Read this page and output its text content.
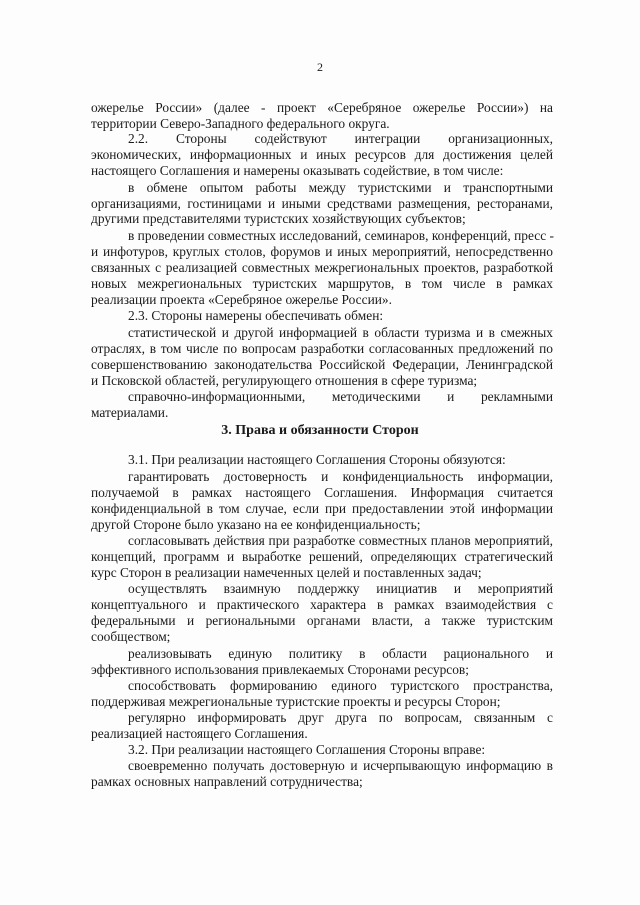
2
ожерелье России» (далее - проект «Серебряное ожерелье России») на
территории Северо-Западного федерального округа.
2.2. Стороны содействуют интеграции организационных,
экономических, информационных и иных ресурсов для достижения целей
настоящего Соглашения и намерены оказывать содействие, в том числе:
в обмене опытом работы между туристскими и транспортными
организациями, гостиницами и иными средствами размещения, ресторанами,
другими представителями туристских хозяйствующих субъектов;
в проведении совместных исследований, семинаров, конференций, пресс -
и инфотуров, круглых столов, форумов и иных мероприятий, непосредственно
связанных с реализацией совместных межрегиональных проектов, разработкой
новых межрегиональных туристских маршрутов, в том числе в рамках
реализации проекта «Серебряное ожерелье России».
2.3. Стороны намерены обеспечивать обмен:
статистической и другой информацией в области туризма и в смежных
отраслях, в том числе по вопросам разработки согласованных предложений по
совершенствованию законодательства Российской Федерации, Ленинградской
и Псковской областей, регулирующего отношения в сфере туризма;
справочно-информационными, методическими и рекламными
материалами.
3. Права и обязанности Сторон
3.1. При реализации настоящего Соглашения Стороны обязуются:
гарантировать достоверность и конфиденциальность информации,
получаемой в рамках настоящего Соглашения. Информация считается
конфиденциальной в том случае, если при предоставлении этой информации
другой Стороне было указано на ее конфиденциальность;
согласовывать действия при разработке совместных планов мероприятий,
концепций, программ и выработке решений, определяющих стратегический
курс Сторон в реализации намеченных целей и поставленных задач;
осуществлять взаимную поддержку инициатив и мероприятий
концептуального и практического характера в рамках взаимодействия с
федеральными и региональными органами власти, а также туристским
сообществом;
реализовывать единую политику в области рационального и
эффективного использования привлекаемых Сторонами ресурсов;
способствовать формированию единого туристского пространства,
поддерживая межрегиональные туристские проекты и ресурсы Сторон;
регулярно информировать друг друга по вопросам, связанным с
реализацией настоящего Соглашения.
3.2. При реализации настоящего Соглашения Стороны вправе:
своевременно получать достоверную и исчерпывающую информацию в
рамках основных направлений сотрудничества;
